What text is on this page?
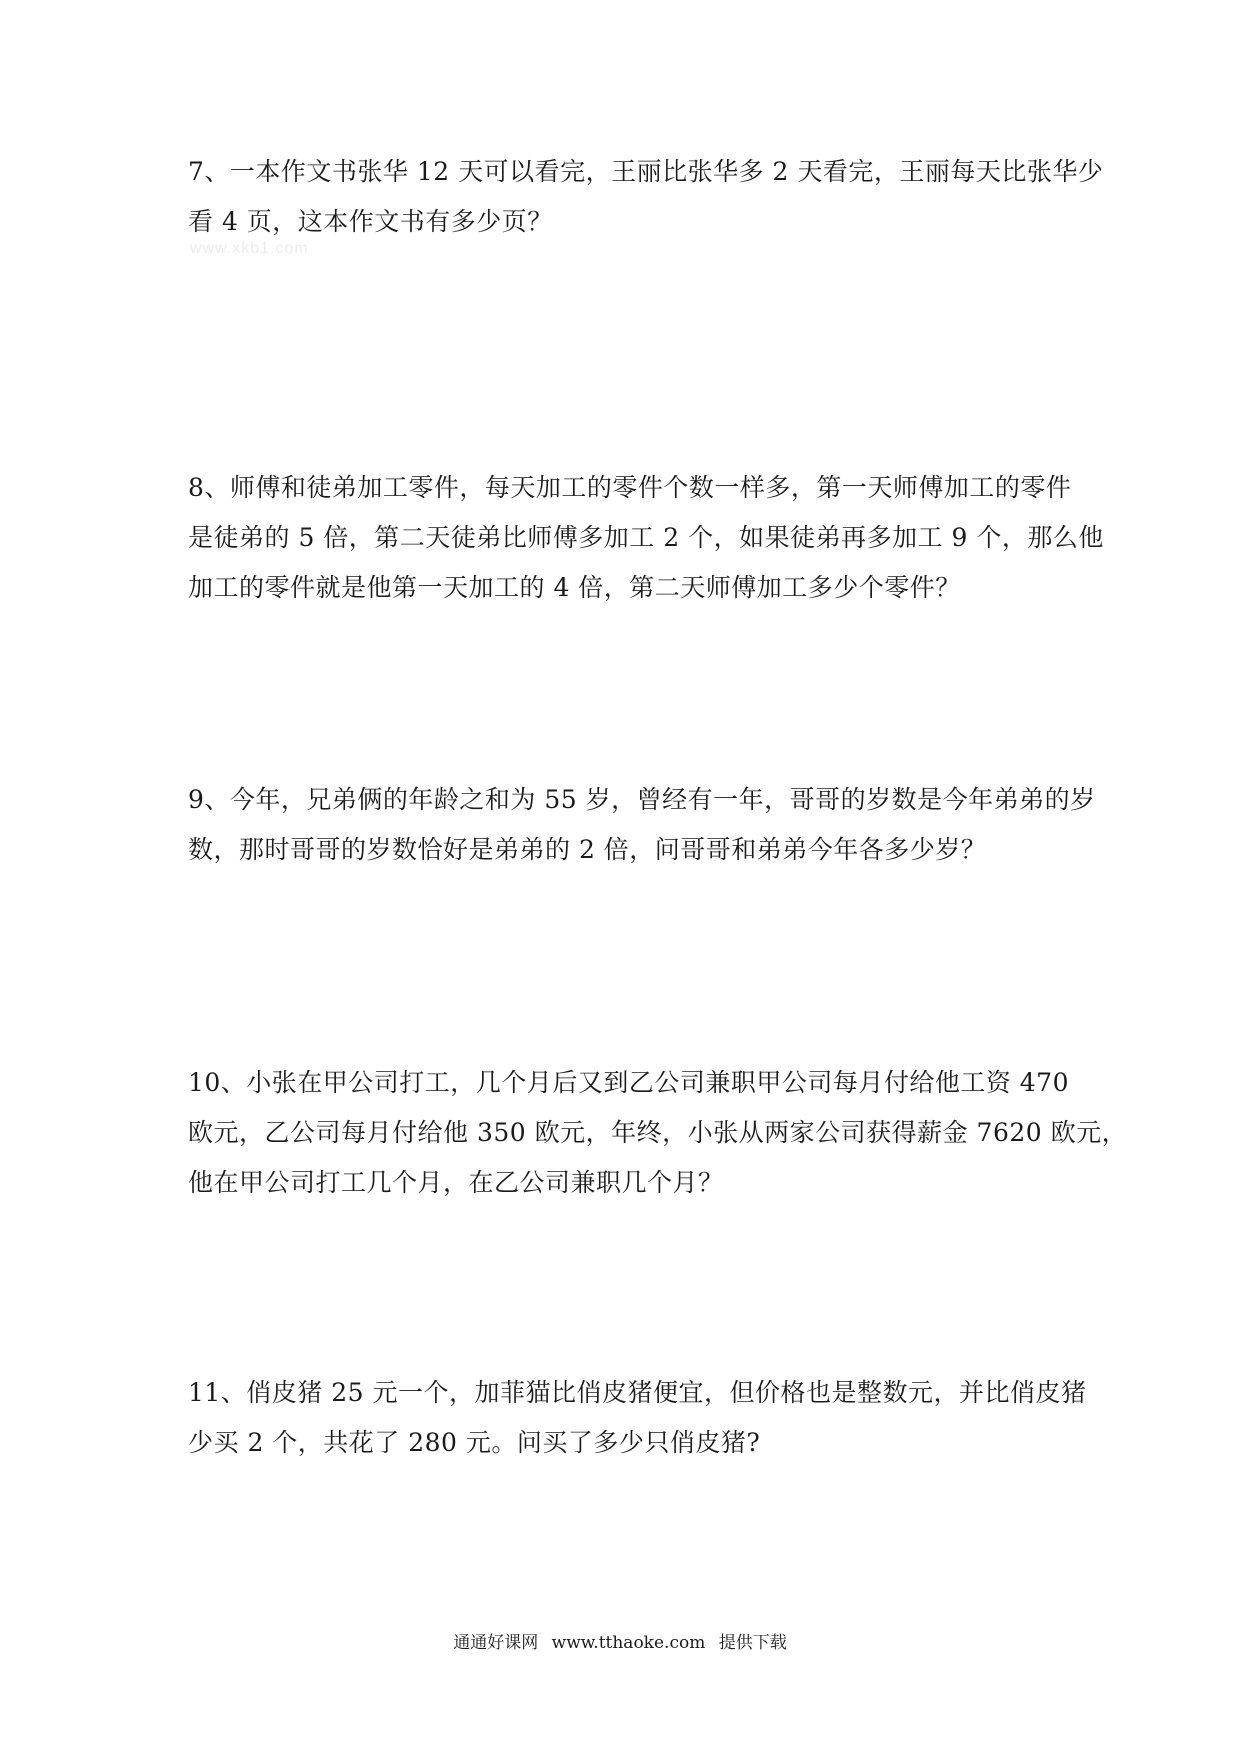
7、一本作文书张华 12 天可以看完，王丽比张华多 2 天看完，王丽每天比张华少
看 4 页，这本作文书有多少页？
www.xkb1.com
8、师傅和徒弟加工零件，每天加工的零件个数一样多，第一天师傅加工的零件
是徒弟的 5 倍，第二天徒弟比师傅多加工 2 个，如果徒弟再多加工 9 个，那么他
加工的零件就是他第一天加工的 4 倍，第二天师傅加工多少个零件？
9、今年，兄弟俩的年龄之和为 55 岁，曾经有一年，哥哥的岁数是今年弟弟的岁
数，那时哥哥的岁数恰好是弟弟的 2 倍，问哥哥和弟弟今年各多少岁？
10、小张在甲公司打工，几个月后又到乙公司兼职甲公司每月付给他工资 470
欧元，乙公司每月付给他 350 欧元，年终，小张从两家公司获得薪金 7620 欧元，
他在甲公司打工几个月，在乙公司兼职几个月？
11、俏皮猪 25 元一个，加菲猫比俏皮猪便宜，但价格也是整数元，并比俏皮猪
少买 2 个，共花了 280 元。问买了多少只俏皮猪?
通通好课网 www.tthaoke.com 提供下载
